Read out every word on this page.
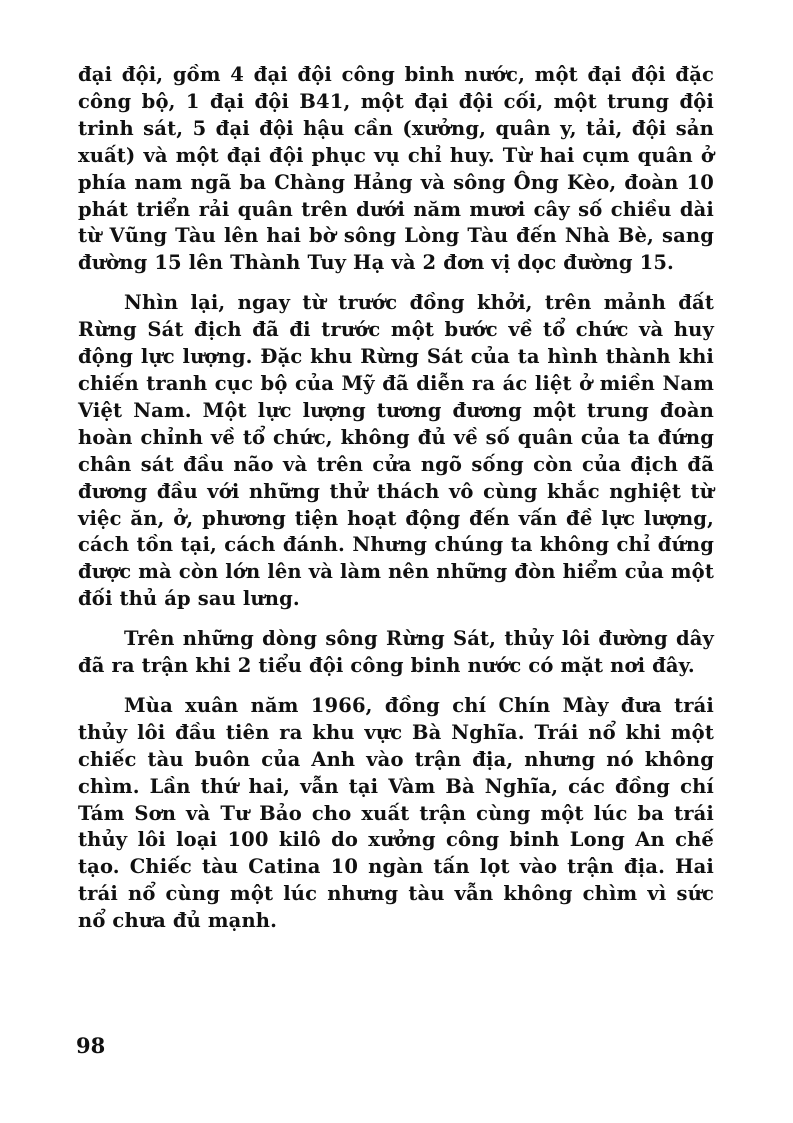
đại đội, gồm 4 đại đội công binh nước, một đại đội đặc công bộ, 1 đại đội B41, một đại đội cối, một trung đội trinh sát, 5 đại đội hậu cần (xưởng, quân y, tải, đội sản xuất) và một đại đội phục vụ chỉ huy. Từ hai cụm quân ở phía nam ngã ba Chàng Hảng và sông Ông Kèo, đoàn 10 phát triển rải quân trên dưới năm mươi cây số chiều dài từ Vũng Tàu lên hai bờ sông Lòng Tàu đến Nhà Bè, sang đường 15 lên Thành Tuy Hạ và 2 đơn vị dọc đường 15.

Nhìn lại, ngay từ trước đồng khởi, trên mảnh đất Rừng Sát địch đã đi trước một bước về tổ chức và huy động lực lượng. Đặc khu Rừng Sát của ta hình thành khi chiến tranh cục bộ của Mỹ đã diễn ra ác liệt ở miền Nam Việt Nam. Một lực lượng tương đương một trung đoàn hoàn chỉnh về tổ chức, không đủ về số quân của ta đứng chân sát đầu não và trên cửa ngõ sống còn của địch đã đương đầu với những thử thách vô cùng khắc nghiệt từ việc ăn, ở, phương tiện hoạt động đến vấn đề lực lượng, cách tồn tại, cách đánh. Nhưng chúng ta không chỉ đứng được mà còn lớn lên và làm nên những đòn hiểm của một đối thủ áp sau lưng.

Trên những dòng sông Rừng Sát, thủy lôi đường dây đã ra trận khi 2 tiểu đội công binh nước có mặt nơi đây.

Mùa xuân năm 1966, đồng chí Chín Mày đưa trái thủy lôi đầu tiên ra khu vực Bà Nghĩa. Trái nổ khi một chiếc tàu buôn của Anh vào trận địa, nhưng nó không chìm. Lần thứ hai, vẫn tại Vàm Bà Nghĩa, các đồng chí Tám Sơn và Tư Bảo cho xuất trận cùng một lúc ba trái thủy lôi loại 100 kilô do xưởng công binh Long An chế tạo. Chiếc tàu Catina 10 ngàn tấn lọt vào trận địa. Hai trái nổ cùng một lúc nhưng tàu vẫn không chìm vì sức nổ chưa đủ mạnh.

98
